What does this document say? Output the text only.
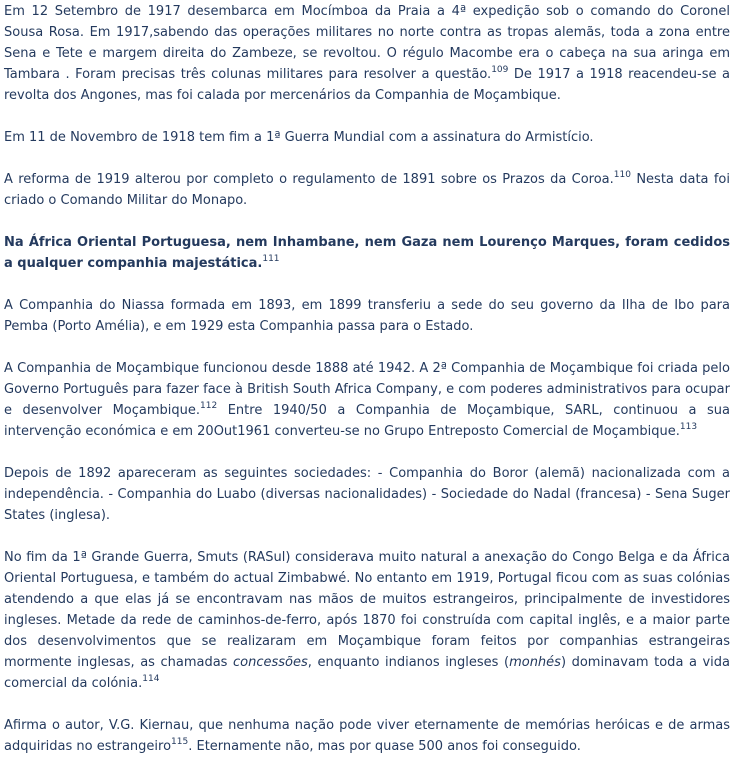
Em 12 Setembro de 1917 desembarca em Mocímboa da Praia a 4ª expedição sob o comando do Coronel Sousa Rosa. Em 1917,sabendo das operações militares no norte contra as tropas alemãs, toda a zona entre Sena e Tete e margem direita do Zambeze, se revoltou. O régulo Macombe era o cabeça na sua aringa em Tambara . Foram precisas três colunas militares para resolver a questão.$^{109}$ De 1917 a 1918 reacendeu-se a revolta dos Angones, mas foi calada por mercenários da Companhia de Moçambique.

Em 11 de Novembro de 1918 tem fim a 1ª Guerra Mundial com a assinatura do Armistício.

A reforma de 1919 alterou por completo o regulamento de 1891 sobre os Prazos da Coroa.$^{110}$ Nesta data foi criado o Comando Militar do Monapo.

Na África Oriental Portuguesa, nem Inhambane, nem Gaza nem Lourenço Marques, foram cedidos a qualquer companhia majestática.$^{111}$

A Companhia do Niassa formada em 1893, em 1899 transferiu a sede do seu governo da Ilha de Ibo para Pemba (Porto Amélia), e em 1929 esta Companhia passa para o Estado.

A Companhia de Moçambique funcionou desde 1888 até 1942. A 2ª Companhia de Moçambique foi criada pelo Governo Português para fazer face à British South Africa Company, e com poderes administrativos para ocupar e desenvolver Moçambique.$^{112}$ Entre 1940/50 a Companhia de Moçambique, SARL, continuou a sua intervenção económica e em 20Out1961 converteu-se no Grupo Entreposto Comercial de Moçambique.$^{113}$

Depois de 1892 apareceram as seguintes sociedades: - Companhia do Boror (alemã) nacionalizada com a independência. - Companhia do Luabo (diversas nacionalidades) - Sociedade do Nadal (francesa) - Sena Suger States (inglesa).

No fim da 1ª Grande Guerra, Smuts (RASul) considerava muito natural a anexação do Congo Belga e da África Oriental Portuguesa, e também do actual Zimbabwé. No entanto em 1919, Portugal ficou com as suas colónias atendendo a que elas já se encontravam nas mãos de muitos estrangeiros, principalmente de investidores ingleses. Metade da rede de caminhos-de-ferro, após 1870 foi construída com capital inglês, e a maior parte dos desenvolvimentos que se realizaram em Moçambique foram feitos por companhias estrangeiras mormente inglesas, as chamadas concessões, enquanto indianos ingleses (monhés) dominavam toda a vida comercial da colónia.$^{114}$

Afirma o autor, V.G. Kiernau, que nenhuma nação pode viver eternamente de memórias heróicas e de armas adquiridas no estrangeiro$^{115}$. Eternamente não, mas por quase 500 anos foi conseguido.
